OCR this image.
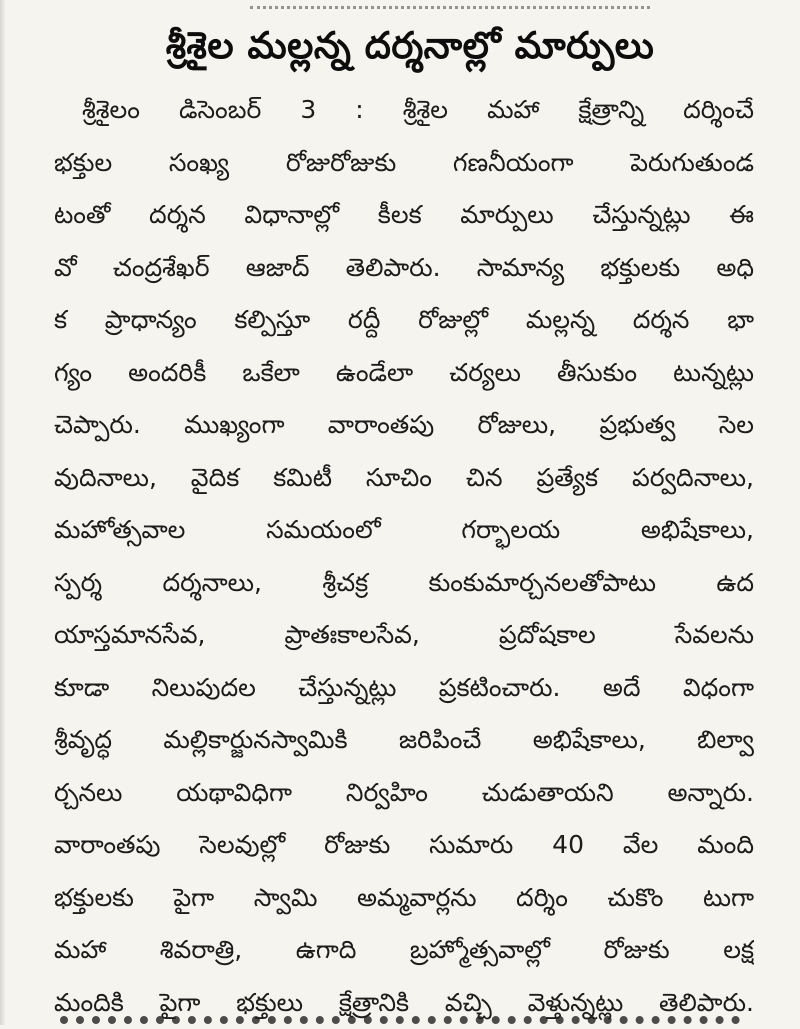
శ్రీశైల మల్లన్న దర్శనాల్లో మార్పులు
శ్రీశైలం డిసెంబర్ 3 : శ్రీశైల మహా క్షేత్రాన్ని దర్శించే
భక్తుల సంఖ్య రోజురోజుకు గణనీయంగా పెరుగుతుండ
టంతో దర్శన విధానాల్లో కీలక మార్పులు చేస్తున్నట్లు ఈ
వో చంద్రశేఖర్ ఆజాద్ తెలిపారు. సామాన్య భక్తులకు అధి
క ప్రాధాన్యం కల్పిస్తూ రద్దీ రోజుల్లో మల్లన్న దర్శన భా
గ్యం అందరికీ ఒకేలా ఉండేలా చర్యలు తీసుకుం టున్నట్లు
చెప్పారు. ముఖ్యంగా వారాంతపు రోజులు, ప్రభుత్వ సెల
వుదినాలు, వైదిక కమిటీ సూచిం చిన ప్రత్యేక పర్వదినాలు,
మహోత్సవాల సమయంలో గర్భాలయ అభిషేకాలు,
స్పర్శ దర్శనాలు, శ్రీచక్ర కుంకుమార్చనలతోపాటు ఉద
యాస్తమానసేవ, ప్రాతఃకాలసేవ, ప్రదోషకాల సేవలను
కూడా నిలుపుదల చేస్తున్నట్లు ప్రకటించారు. అదే విధంగా
శ్రీవృద్ధ మల్లికార్జునస్వామికి జరిపించే అభిషేకాలు, బిల్వా
ర్చనలు యథావిధిగా నిర్వహిం చుడుతాయని అన్నారు.
వారాంతపు సెలవుల్లో రోజుకు సుమారు 40 వేల మంది
భక్తులకు పైగా స్వామి అమ్మవార్లను దర్శిం చుకొం టుగా
మహా శివరాత్రి, ఉగాది బ్రహ్మోత్సవాల్లో రోజుకు లక్ష
మందికి పైగా భక్తులు క్షేత్రానికి వచ్చి వెళ్తున్నట్లు తెలిపారు.
